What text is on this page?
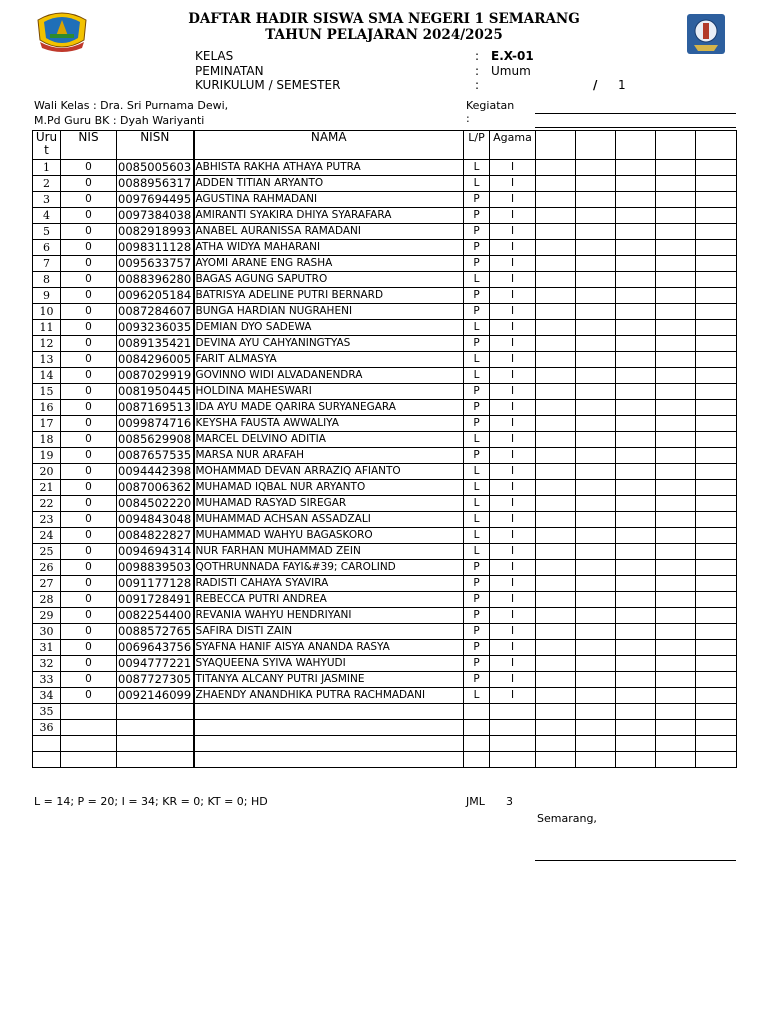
DAFTAR HADIR SISWA SMA NEGERI 1 SEMARANG
TAHUN PELAJARAN 2024/2025
KELAS	: E.X-01
PEMINATAN	: Umum
KURIKULUM / SEMESTER	:	/ 1
Wali Kelas : Dra. Sri Purnama Dewi,
M.Pd Guru BK : Dyah Wariyanti
Kegiatan
:
Uru t	NIS	NISN	NAMA	L/P	Agama					
1	0	0085005603	ABHISTA RAKHA ATHAYA PUTRA	L	I					
2	0	0088956317	ADDEN TITIAN ARYANTO	L	I					
3	0	0097694495	AGUSTINA RAHMADANI	P	I					
4	0	0097384038	AMIRANTI SYAKIRA DHIYA SYARAFARA	P	I					
5	0	0082918993	ANABEL AURANISSA RAMADANI	P	I					
6	0	0098311128	ATHA WIDYA MAHARANI	P	I					
7	0	0095633757	AYOMI ARANE ENG RASHA	P	I					
8	0	0088396280	BAGAS AGUNG SAPUTRO	L	I					
9	0	0096205184	BATRISYA ADELINE PUTRI BERNARD	P	I					
10	0	0087284607	BUNGA HARDIAN NUGRAHENI	P	I					
11	0	0093236035	DEMIAN DYO SADEWA	L	I					
12	0	0089135421	DEVINA AYU CAHYANINGTYAS	P	I					
13	0	0084296005	FARIT ALMASYA	L	I					
14	0	0087029919	GOVINNO WIDI ALVADANENDRA	L	I					
15	0	0081950445	HOLDINA MAHESWARI	P	I					
16	0	0087169513	IDA AYU MADE QARIRA SURYANEGARA	P	I					
17	0	0099874716	KEYSHA FAUSTA AWWALIYA	P	I					
18	0	0085629908	MARCEL DELVINO ADITIA	L	I					
19	0	0087657535	MARSA NUR ARAFAH	P	I					
20	0	0094442398	MOHAMMAD DEVAN ARRAZIQ AFIANTO	L	I					
21	0	0087006362	MUHAMAD IQBAL NUR ARYANTO	L	I					
22	0	0084502220	MUHAMAD RASYAD SIREGAR	L	I					
23	0	0094843048	MUHAMMAD ACHSAN ASSADZALI	L	I					
24	0	0084822827	MUHAMMAD WAHYU BAGASKORO	L	I					
25	0	0094694314	NUR FARHAN MUHAMMAD ZEIN	L	I					
26	0	0098839503	QOTHRUNNADA FAYI&#39; CAROLIND	P	I					
27	0	0091177128	RADISTI CAHAYA SYAVIRA	P	I					
28	0	0091728491	REBECCA PUTRI ANDREA	P	I					
29	0	0082254400	REVANIA WAHYU HENDRIYANI	P	I					
30	0	0088572765	SAFIRA DISTI ZAIN	P	I					
31	0	0069643756	SYAFNA HANIF AISYA ANANDA RASYA	P	I					
32	0	0094777221	SYAQUEENA SYIVA WAHYUDI	P	I					
33	0	0087727305	TITANYA ALCANY PUTRI JASMINE	P	I					
34	0	0092146099	ZHAENDY ANANDHIKA PUTRA RACHMADANI	L	I					
35										
36										

L = 14; P = 20; I = 34; KR = 0; KT = 0; HD	JML 3
Semarang,
